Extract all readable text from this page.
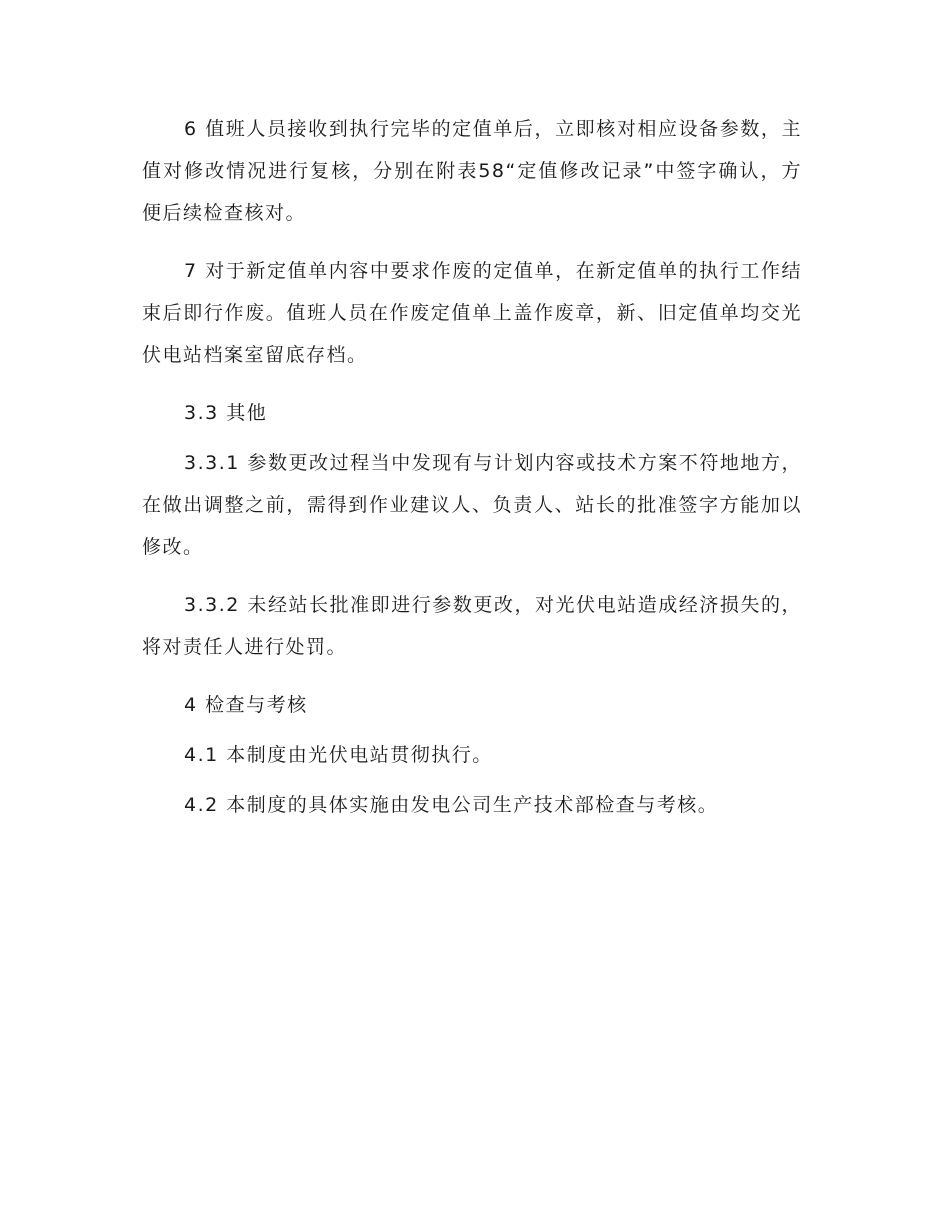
6 值班人员接收到执行完毕的定值单后，立即核对相应设备参数，主值对修改情况进行复核，分别在附表58“定值修改记录”中签字确认，方便后续检查核对。

7 对于新定值单内容中要求作废的定值单，在新定值单的执行工作结束后即行作废。值班人员在作废定值单上盖作废章，新、旧定值单均交光伏电站档案室留底存档。

3.3 其他

3.3.1 参数更改过程当中发现有与计划内容或技术方案不符地地方，在做出调整之前，需得到作业建议人、负责人、站长的批准签字方能加以修改。

3.3.2 未经站长批准即进行参数更改，对光伏电站造成经济损失的，将对责任人进行处罚。

4 检查与考核

4.1 本制度由光伏电站贯彻执行。

4.2 本制度的具体实施由发电公司生产技术部检查与考核。
